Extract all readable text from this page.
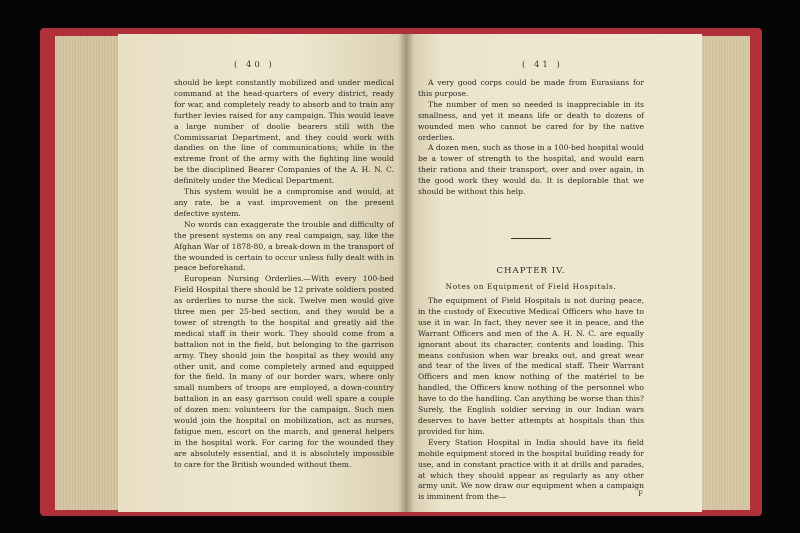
( 40 )

should be kept constantly mobilized and under medical command at the head-quarters of every district, ready for war, and completely ready to absorb and to train any further levies raised for any campaign. This would leave a large number of doolie bearers still with the Commissariat Department, and they could work with dandies on the line of communications; while in the extreme front of the army with the fighting line would be the disciplined Bearer Companies of the A. H. N. C. definitely under the Medical Department.

This system would be a compromise and would, at any rate, be a vast improvement on the present defective system.

No words can exaggerate the trouble and difficulty of the present systems on any real campaign, say, like the Afghan War of 1878-80, a break-down in the transport of the wounded is certain to occur unless fully dealt with in peace beforehand.

European Nursing Orderlies.—With every 100-bed Field Hospital there should be 12 private soldiers posted as orderlies to nurse the sick. Twelve men would give three men per 25-bed section, and they would be a tower of strength to the hospital and greatly aid the medical staff in their work. They should come from a battalion not in the field, but belonging to the garrison army. They should join the hospital as they would any other unit, and come completely armed and equipped for the field. In many of our border wars, where only small numbers of troops are employed, a down-country battalion in an easy garrison could well spare a couple of dozen men: volunteers for the campaign. Such men would join the hospital on mobilization, act as nurses, fatigue men, escort on the march, and general helpers in the hospital work. For caring for the wounded they are absolutely essential, and it is absolutely impossible to care for the British wounded without them.

( 41 )

A very good corps could be made from Eurasians for this purpose.

The number of men so needed is inappreciable in its smallness, and yet it means life or death to dozens of wounded men who cannot be cared for by the native orderlies.

A dozen men, such as those in a 100-bed hospital would be a tower of strength to the hospital, and would earn their rations and their transport, over and over again, in the good work they would do. It is deplorable that we should be without this help.

CHAPTER IV.
Notes on Equipment of Field Hospitals.

The equipment of Field Hospitals is not during peace, in the custody of Executive Medical Officers who have to use it in war. In fact, they never see it in peace, and the Warrant Officers and men of the A. H. N. C. are equally ignorant about its character, contents and loading. This means confusion when war breaks out, and great wear and tear of the lives of the medical staff. Their Warrant Officers and men know nothing of the matériel to be handled, the Officers know nothing of the personnel who have to do the handling. Can anything be worse than this? Surely, the English soldier serving in our Indian wars deserves to have better attempts at hospitals than this provided for him.

Every Station Hospital in India should have its field mobile equipment stored in the hospital building ready for use, and in constant practice with it at drills and parades, at which they should appear as regularly as any other army unit. We now draw our equipment when a campaign is imminent from the—	F
